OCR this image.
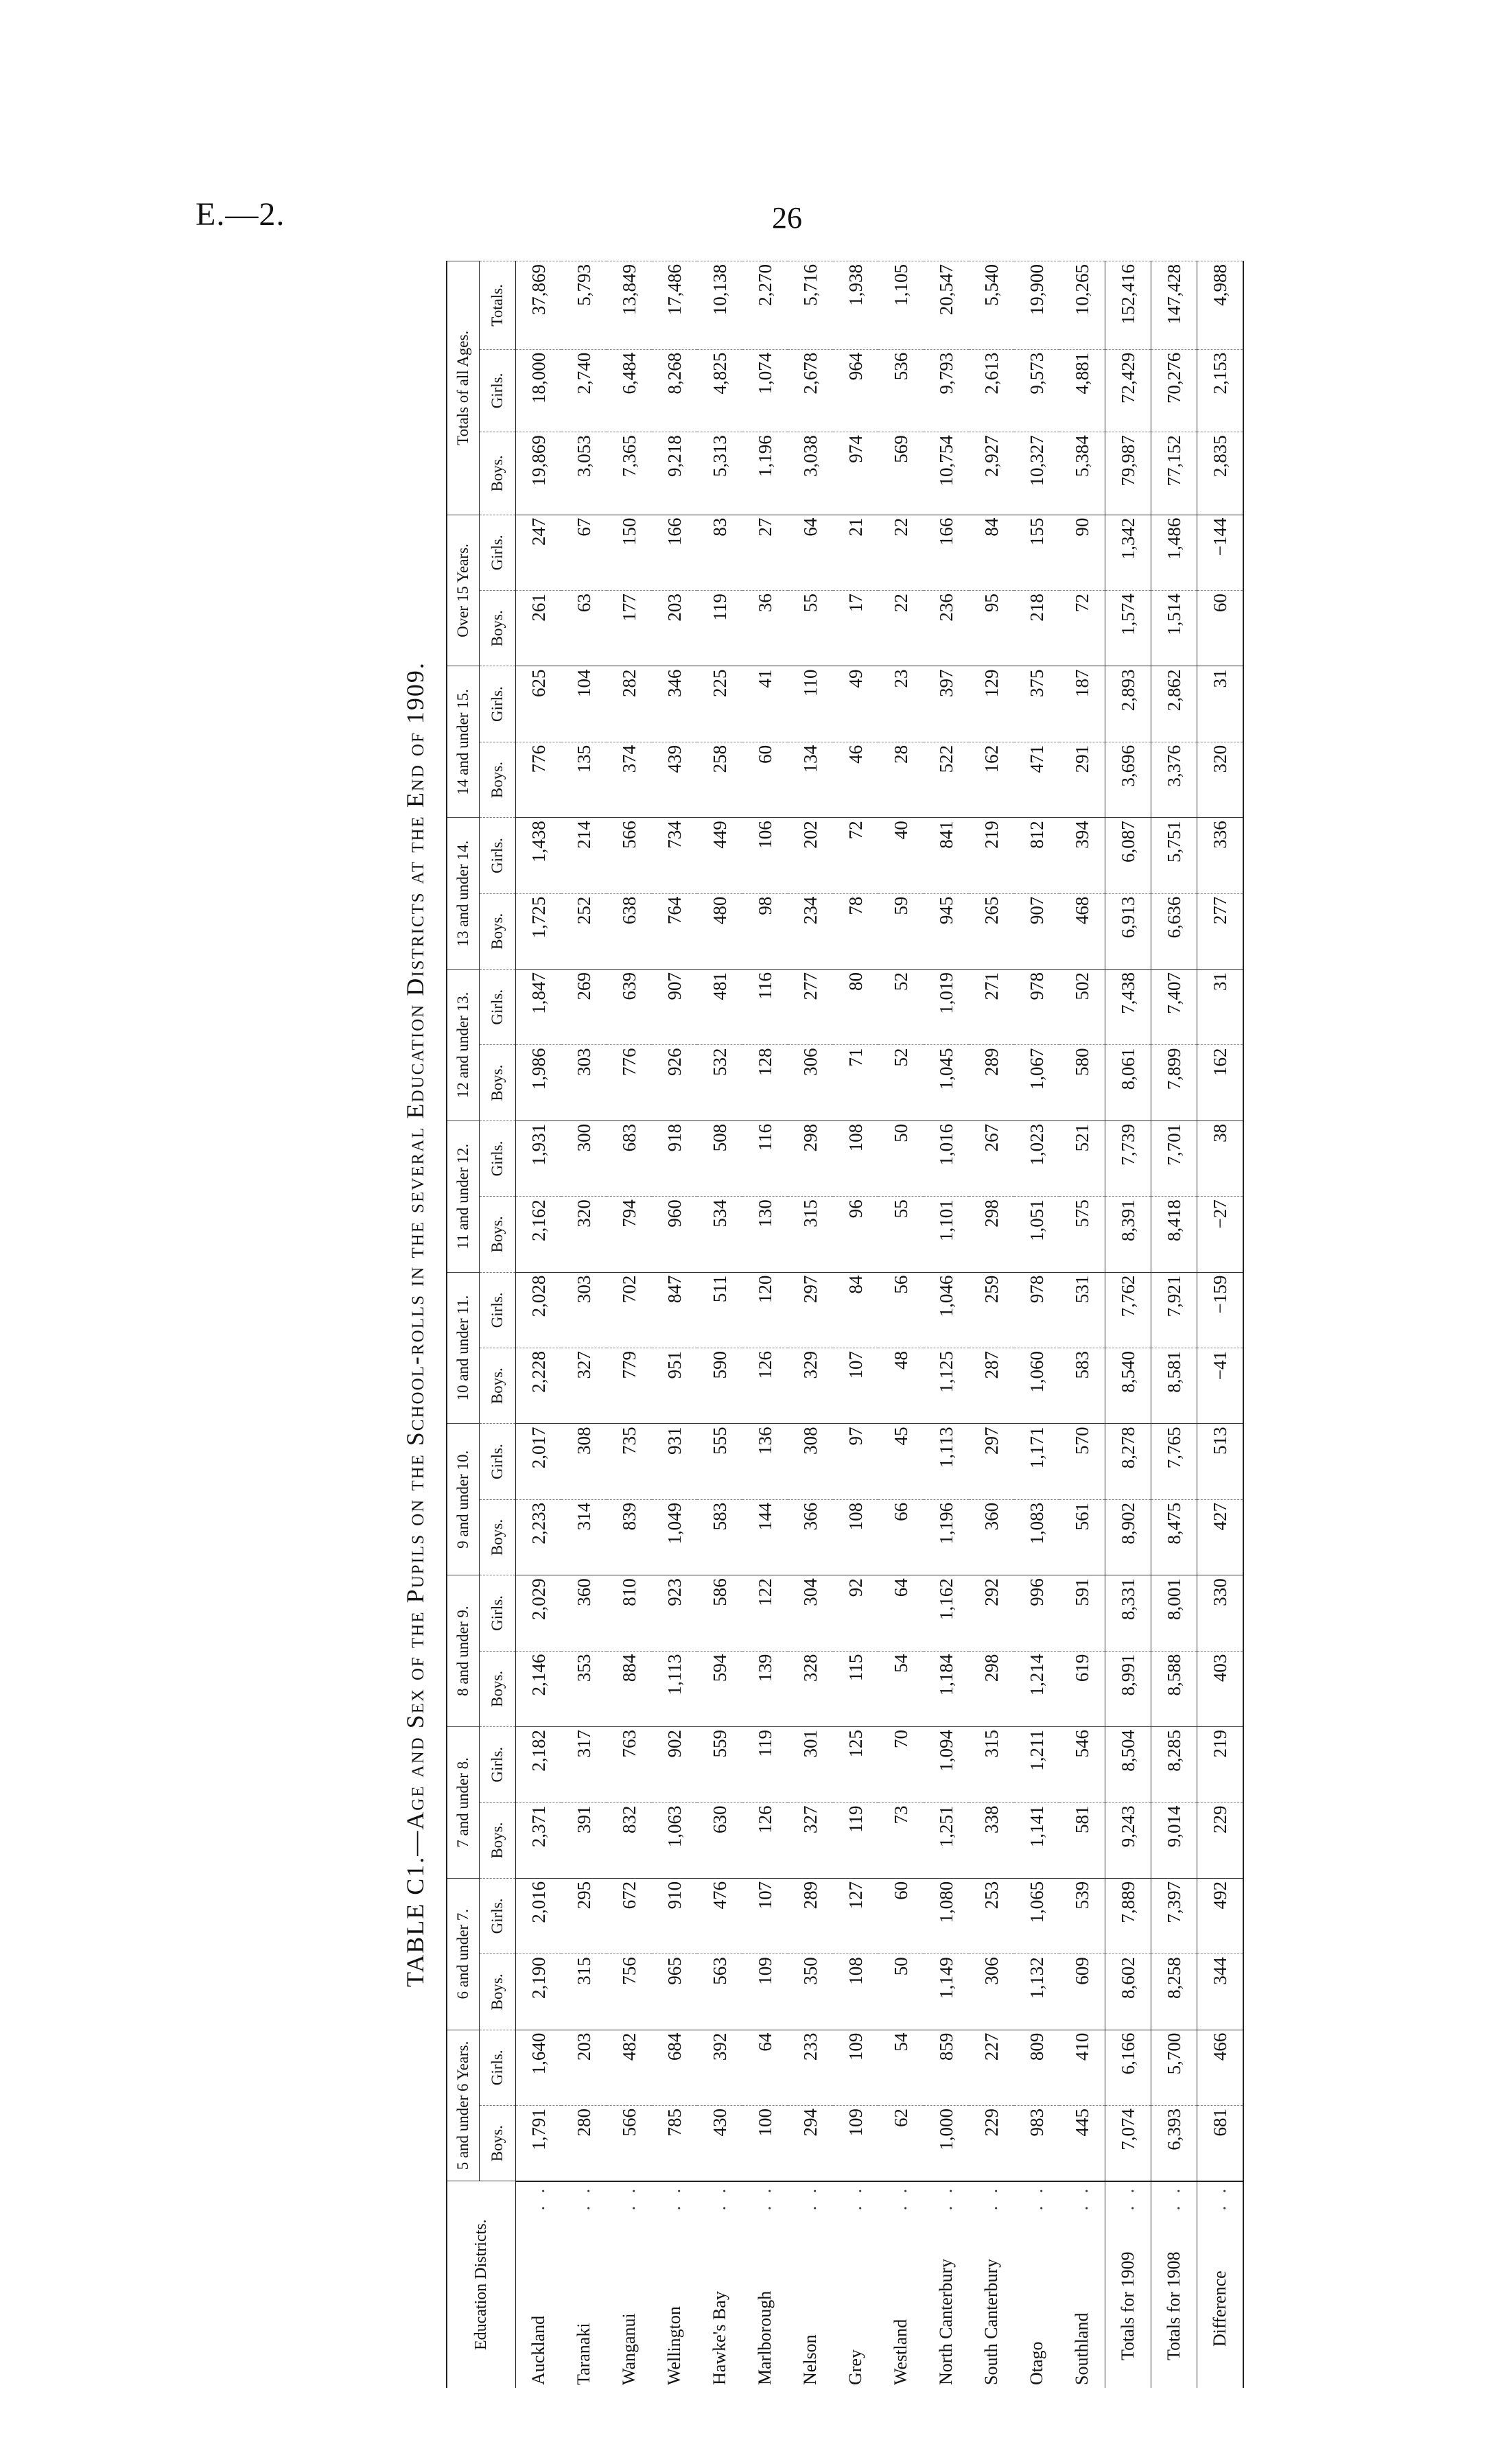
E.—2.	26
TABLE C1.—Age and Sex of the Pupils on the School-rolls in the several Education Districts at the End of 1909.
Education Districts.	5 and under 6 Years.		6 and under 7.		7 and under 8.		8 and under 9.		9 and under 10.		10 and under 11.		11 and under 12.		12 and under 13.		13 and under 14.		14 and under 15.		Over 15 Years.		Totals of all Ages.		
	Boys.	Girls.	Boys.	Girls.	Boys.	Girls.	Boys.	Girls.	Boys.	Girls.	Boys.	Girls.	Boys.	Girls.	Boys.	Girls.	Boys.	Girls.	Boys.	Girls.	Boys.	Girls.	Boys.	Girls.	Totals.

. .
Auckland	1,791	1,640	2,190	2,016	2,371	2,182	2,146	2,029	2,233	2,017	2,228	2,028	2,162	1,931	1,986	1,847	1,725	1,438	776	625	261	247	19,869	18,000	37,869

. .
Taranaki	280	203	315	295	391	317	353	360	314	308	327	303	320	300	303	269	252	214	135	104	63	67	3,053	2,740	5,793

. .
Wanganui	566	482	756	672	832	763	884	810	839	735	779	702	794	683	776	639	638	566	374	282	177	150	7,365	6,484	13,849

. .
Wellington	785	684	965	910	1,063	902	1,113	923	1,049	931	951	847	960	918	926	907	764	734	439	346	203	166	9,218	8,268	17,486

. .
Hawke's Bay	430	392	563	476	630	559	594	586	583	555	590	511	534	508	532	481	480	449	258	225	119	83	5,313	4,825	10,138

. .
Marlborough	100	64	109	107	126	119	139	122	144	136	126	120	130	116	128	116	98	106	60	41	36	27	1,196	1,074	2,270

. .
Nelson	294	233	350	289	327	301	328	304	366	308	329	297	315	298	306	277	234	202	134	110	55	64	3,038	2,678	5,716

. .
Grey	109	109	108	127	119	125	115	92	108	97	107	84	96	108	71	80	78	72	46	49	17	21	974	964	1,938

. .
Westland	62	54	50	60	73	70	54	64	66	45	48	56	55	50	52	52	59	40	28	23	22	22	569	536	1,105

. .
North Canterbury	1,000	859	1,149	1,080	1,251	1,094	1,184	1,162	1,196	1,113	1,125	1,046	1,101	1,016	1,045	1,019	945	841	522	397	236	166	10,754	9,793	20,547

. .
South Canterbury	229	227	306	253	338	315	298	292	360	297	287	259	298	267	289	271	265	219	162	129	95	84	2,927	2,613	5,540

. .
Otago	983	809	1,132	1,065	1,141	1,211	1,214	996	1,083	1,171	1,060	978	1,051	1,023	1,067	978	907	812	471	375	218	155	10,327	9,573	19,900

. .
Southland	445	410	609	539	581	546	619	591	561	570	583	531	575	521	580	502	468	394	291	187	72	90	5,384	4,881	10,265

. .
Totals for 1909	7,074	6,166	8,602	7,889	9,243	8,504	8,991	8,331	8,902	8,278	8,540	7,762	8,391	7,739	8,061	7,438	6,913	6,087	3,696	2,893	1,574	1,342	79,987	72,429	152,416

. .
Totals for 1908	6,393	5,700	8,258	7,397	9,014	8,285	8,588	8,001	8,475	7,765	8,581	7,921	8,418	7,701	7,899	7,407	6,636	5,751	3,376	2,862	1,514	1,486	77,152	70,276	147,428

. .
Difference	681	466	344	492	229	219	403	330	427	513	−41	−159	−27	38	162	31	277	336	320	31	60	−144	2,835	2,153	4,988
